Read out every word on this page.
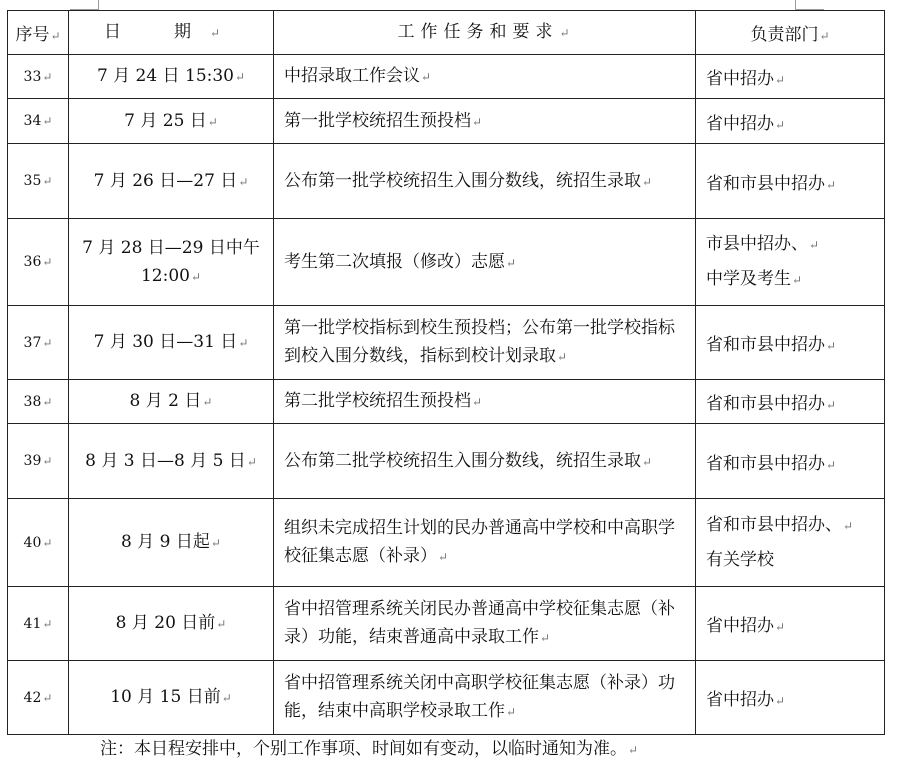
序号↵	日　期↵	工作任务和要求↵	负责部门↵
33↵	7 月 24 日 15:30↵	中招录取工作会议↵	省中招办↵
34↵	7 月 25 日↵	第一批学校统招生预投档↵	省中招办↵
35↵	7 月 26 日—27 日↵	公布第一批学校统招生入围分数线，统招生录取↵	省和市县中招办↵
36↵	7 月 28 日—29 日中午 12:00↵	考生第二次填报（修改）志愿↵	市县中招办、↵
中学及考生↵

37↵	7 月 30 日—31 日↵	第一批学校指标到校生预投档；公布第一批学校指标到校入围分数线，指标到校计划录取↵	省和市县中招办↵
38↵	8 月 2 日↵	第二批学校统招生预投档↵	省和市县中招办↵
39↵	8 月 3 日—8 月 5 日↵	公布第二批学校统招生入围分数线，统招生录取↵	省和市县中招办↵
40↵	8 月 9 日起↵	组织未完成招生计划的民办普通高中学校和中高职学校征集志愿（补录）↵	省和市县中招办、↵
有关学校

41↵	8 月 20 日前↵	省中招管理系统关闭民办普通高中学校征集志愿（补录）功能，结束普通高中录取工作↵	省中招办↵
42↵	10 月 15 日前↵	省中招管理系统关闭中高职学校征集志愿（补录）功能，结束中高职学校录取工作↵	省中招办↵
注：本日程安排中，个别工作事项、时间如有变动，以临时通知为准。↵
